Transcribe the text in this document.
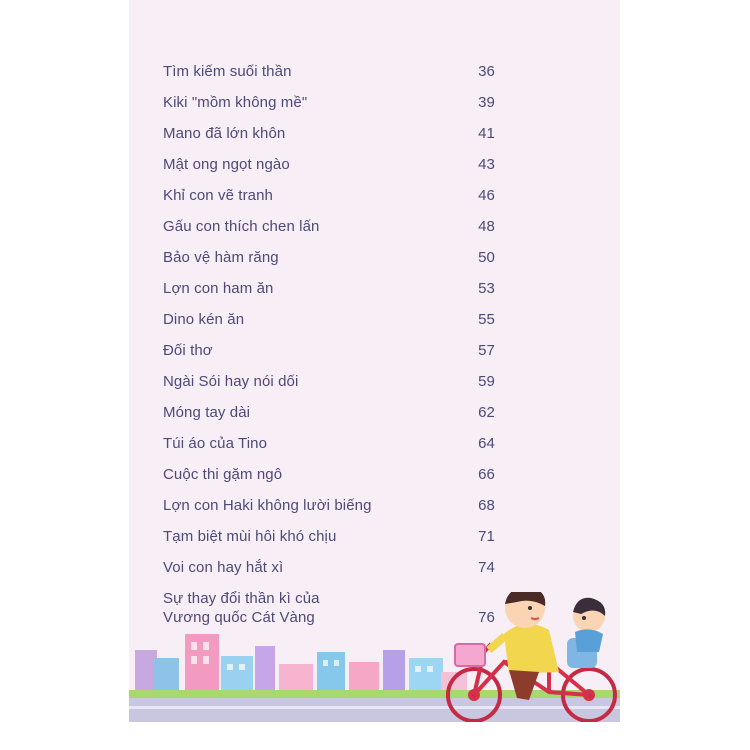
Tìm kiếm suối thần	36
Kiki "mồm không mề"	39
Mano đã lớn khôn	41
Mật ong ngọt ngào	43
Khỉ con vẽ tranh	46
Gấu con thích chen lấn	48
Bảo vệ hàm răng	50
Lợn con ham ăn	53
Dino kén ăn	55
Đối thơ	57
Ngài Sói hay nói dối	59
Móng tay dài	62
Túi áo của Tino	64
Cuộc thi gặm ngô	66
Lợn con Haki không lười biếng	68
Tạm biệt mùi hôi khó chịu	71
Voi con hay hắt xì	74
Sự thay đổi thần kì của Vương quốc Cát Vàng	76
